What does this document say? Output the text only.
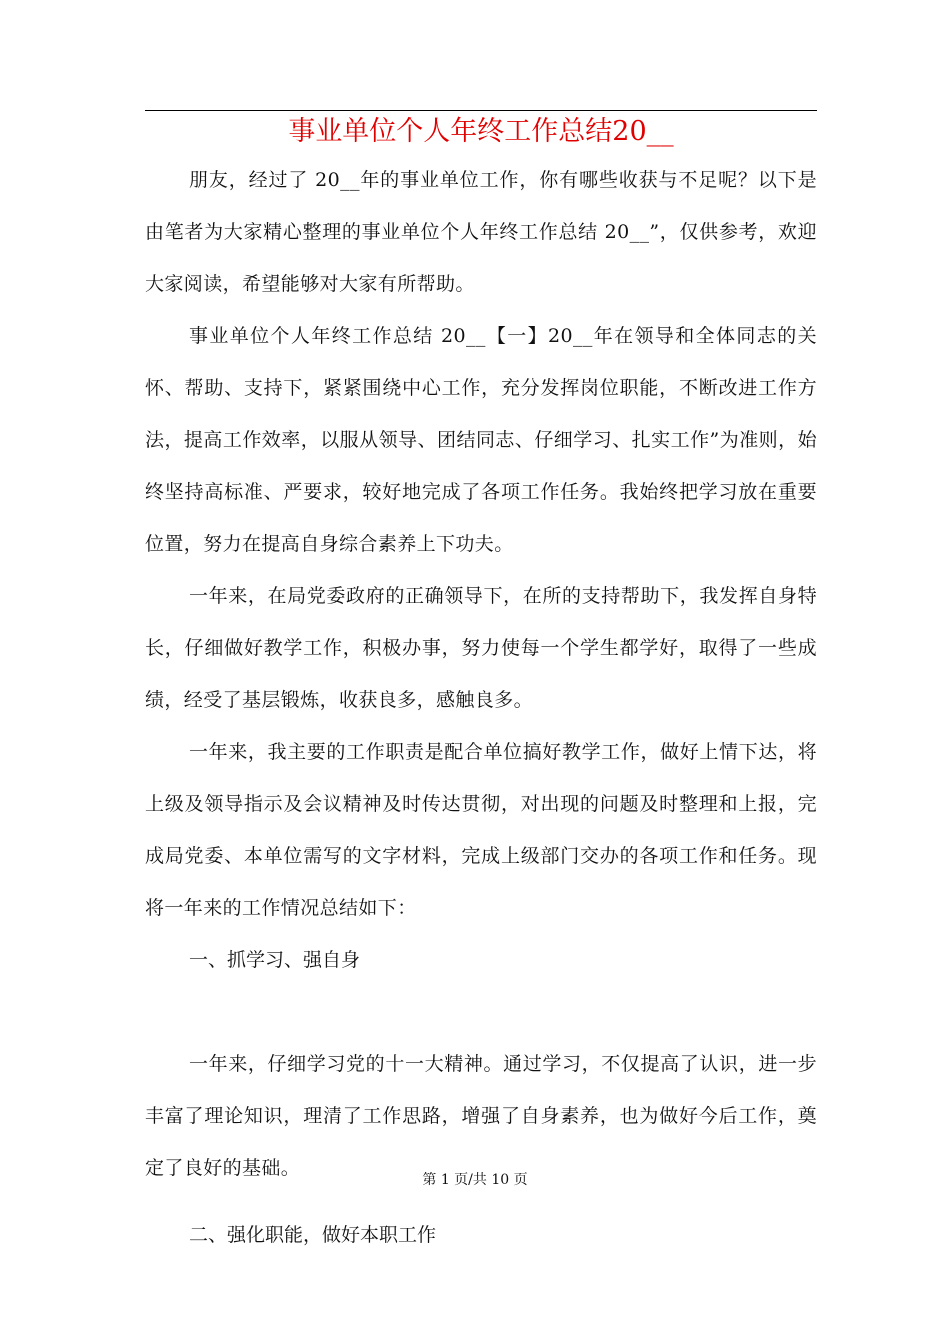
事业单位个人年终工作总结20__

朋友，经过了 20__年的事业单位工作，你有哪些收获与不足呢？以下是由笔者为大家精心整理的事业单位个人年终工作总结 20__”，仅供参考，欢迎大家阅读，希望能够对大家有所帮助。

事业单位个人年终工作总结 20__【一】20__年在领导和全体同志的关怀、帮助、支持下，紧紧围绕中心工作，充分发挥岗位职能，不断改进工作方法，提高工作效率，以服从领导、团结同志、仔细学习、扎实工作”为准则，始终坚持高标准、严要求，较好地完成了各项工作任务。我始终把学习放在重要位置，努力在提高自身综合素养上下功夫。

一年来，在局党委政府的正确领导下，在所的支持帮助下，我发挥自身特长，仔细做好教学工作，积极办事，努力使每一个学生都学好，取得了一些成绩，经受了基层锻炼，收获良多，感触良多。

一年来，我主要的工作职责是配合单位搞好教学工作，做好上情下达，将上级及领导指示及会议精神及时传达贯彻，对出现的问题及时整理和上报，完成局党委、本单位需写的文字材料，完成上级部门交办的各项工作和任务。现将一年来的工作情况总结如下：

一、抓学习、强自身

一年来，仔细学习党的十一大精神。通过学习，不仅提高了认识，进一步丰富了理论知识，理清了工作思路，增强了自身素养，也为做好今后工作，奠定了良好的基础。

第 1 页/共 10 页

二、强化职能，做好本职工作
